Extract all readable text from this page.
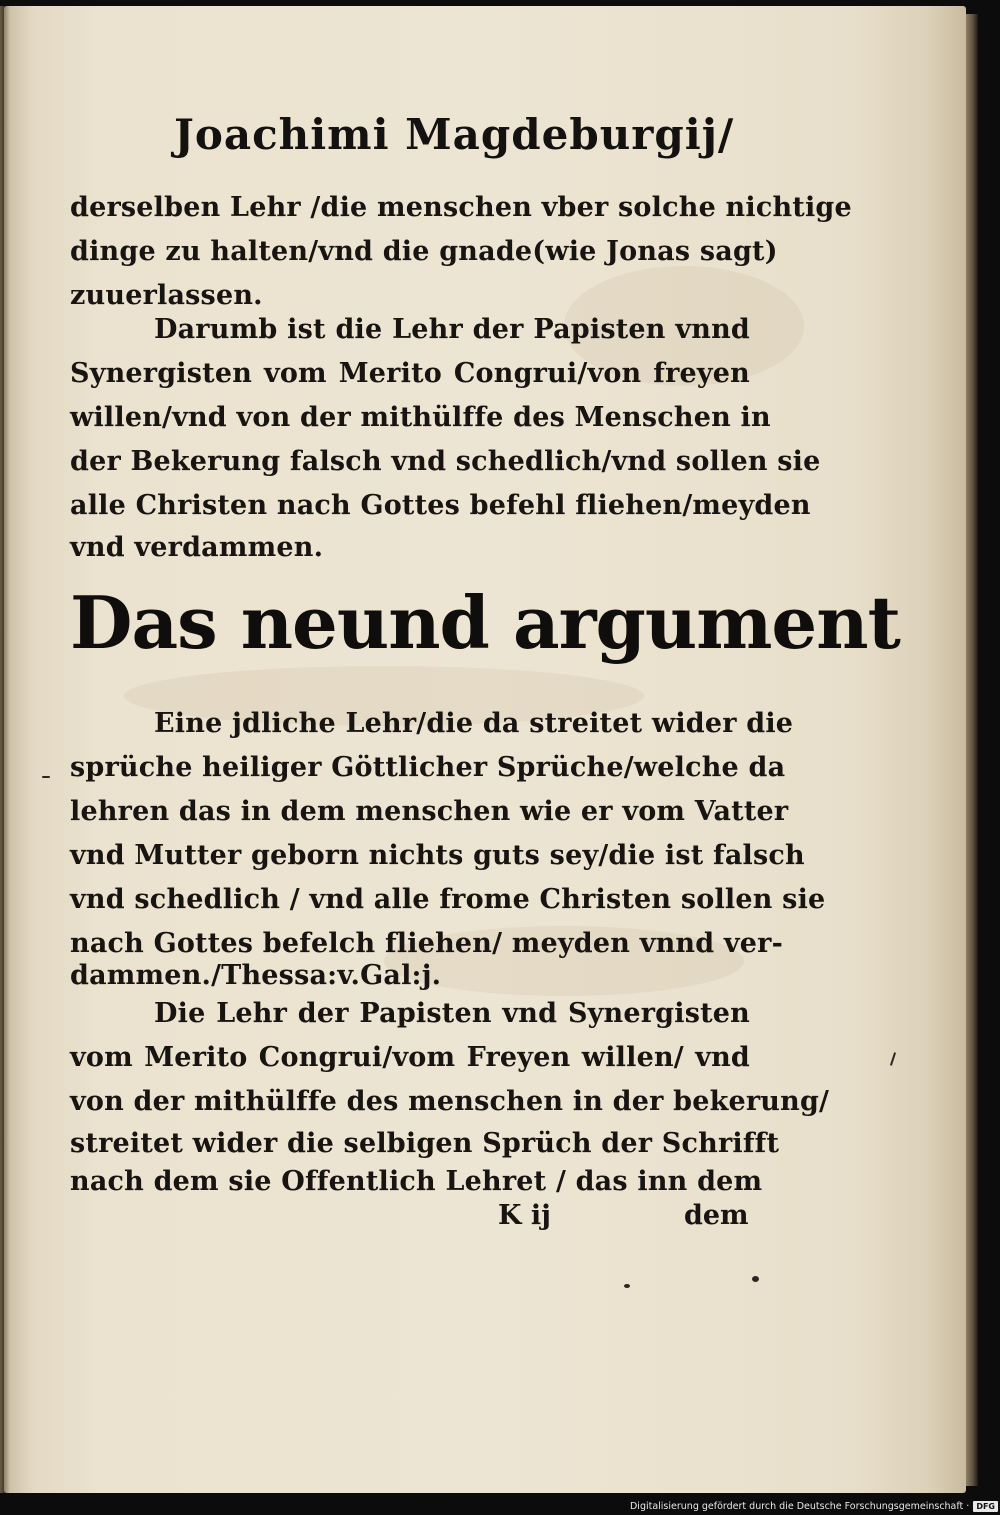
Joachimi Magdeburgij/
derselben Lehr /die menschen vber solche nichtige
dinge zu halten/vnd die gnade(wie Jonas sagt)
zuuerlassen.
Darumb ist die Lehr der Papisten vnnd
Synergisten vom Merito Congrui/von freyen
willen/vnd von der mithülffe des Menschen in
der Bekerung falsch vnd schedlich/vnd sollen sie
alle Christen nach Gottes befehl fliehen/meyden
vnd verdammen.
Das neund argument
Eine jdliche Lehr/die da streitet wider die
sprüche heiliger Göttlicher Sprüche/welche da
lehren das in dem menschen wie er vom Vatter
vnd Mutter geborn nichts guts sey/die ist falsch
vnd schedlich / vnd alle frome Christen sollen sie
nach Gottes befelch fliehen/ meyden vnnd ver-
dammen./Thessa:v.Gal:j.
Die Lehr der Papisten vnd Synergisten
vom Merito Congrui/vom Freyen willen/ vnd
von der mithülffe des menschen in der bekerung/
streitet wider die selbigen Sprüch der Schrifft
nach dem sie Offentlich Lehret / das inn dem
K ij	dem
Digitalisierung gefördert durch die Deutsche Forschungsgemeinschaft · DFG
